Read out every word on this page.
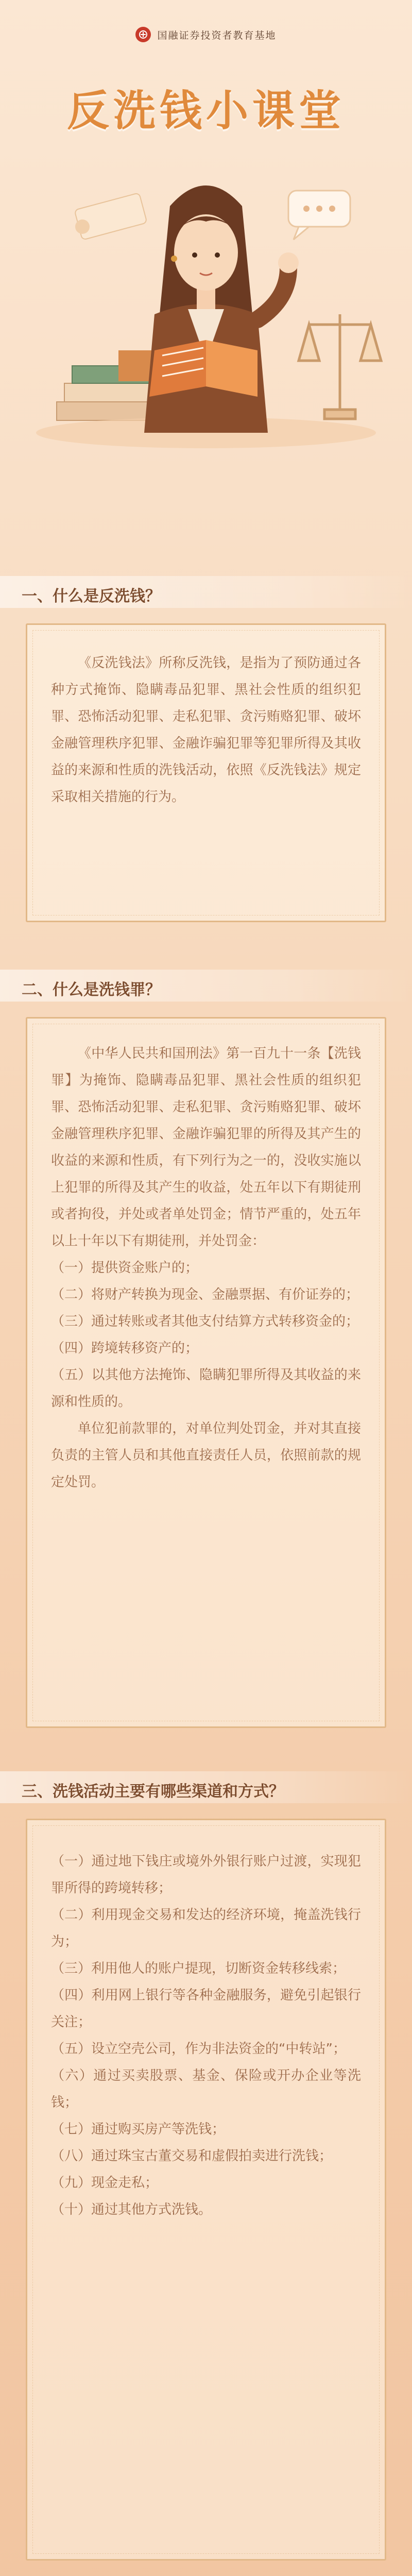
国融证券投资者教育基地
反洗钱小课堂
一、什么是反洗钱？

《反洗钱法》所称反洗钱，是指为了预防通过各种方式掩饰、隐瞒毒品犯罪、黑社会性质的组织犯罪、恐怖活动犯罪、走私犯罪、贪污贿赂犯罪、破坏金融管理秩序犯罪、金融诈骗犯罪等犯罪所得及其收益的来源和性质的洗钱活动，依照《反洗钱法》规定采取相关措施的行为。

二、什么是洗钱罪？

《中华人民共和国刑法》第一百九十一条【洗钱罪】为掩饰、隐瞒毒品犯罪、黑社会性质的组织犯罪、恐怖活动犯罪、走私犯罪、贪污贿赂犯罪、破坏金融管理秩序犯罪、金融诈骗犯罪的所得及其产生的收益的来源和性质，有下列行为之一的，没收实施以上犯罪的所得及其产生的收益，处五年以下有期徒刑或者拘役，并处或者单处罚金；情节严重的，处五年以上十年以下有期徒刑，并处罚金：

（一）提供资金账户的；

（二）将财产转换为现金、金融票据、有价证券的；

（三）通过转账或者其他支付结算方式转移资金的；

（四）跨境转移资产的；

（五）以其他方法掩饰、隐瞒犯罪所得及其收益的来源和性质的。

单位犯前款罪的，对单位判处罚金，并对其直接负责的主管人员和其他直接责任人员，依照前款的规定处罚。

三、洗钱活动主要有哪些渠道和方式？

（一）通过地下钱庄或境外外银行账户过渡，实现犯罪所得的跨境转移；

（二）利用现金交易和发达的经济环境，掩盖洗钱行为；

（三）利用他人的账户提现，切断资金转移线索；

（四）利用网上银行等各种金融服务，避免引起银行关注；

（五）设立空壳公司，作为非法资金的“中转站”；

（六）通过买卖股票、基金、保险或开办企业等洗钱；

（七）通过购买房产等洗钱；

（八）通过珠宝古董交易和虚假拍卖进行洗钱；

（九）现金走私；

（十）通过其他方式洗钱。
